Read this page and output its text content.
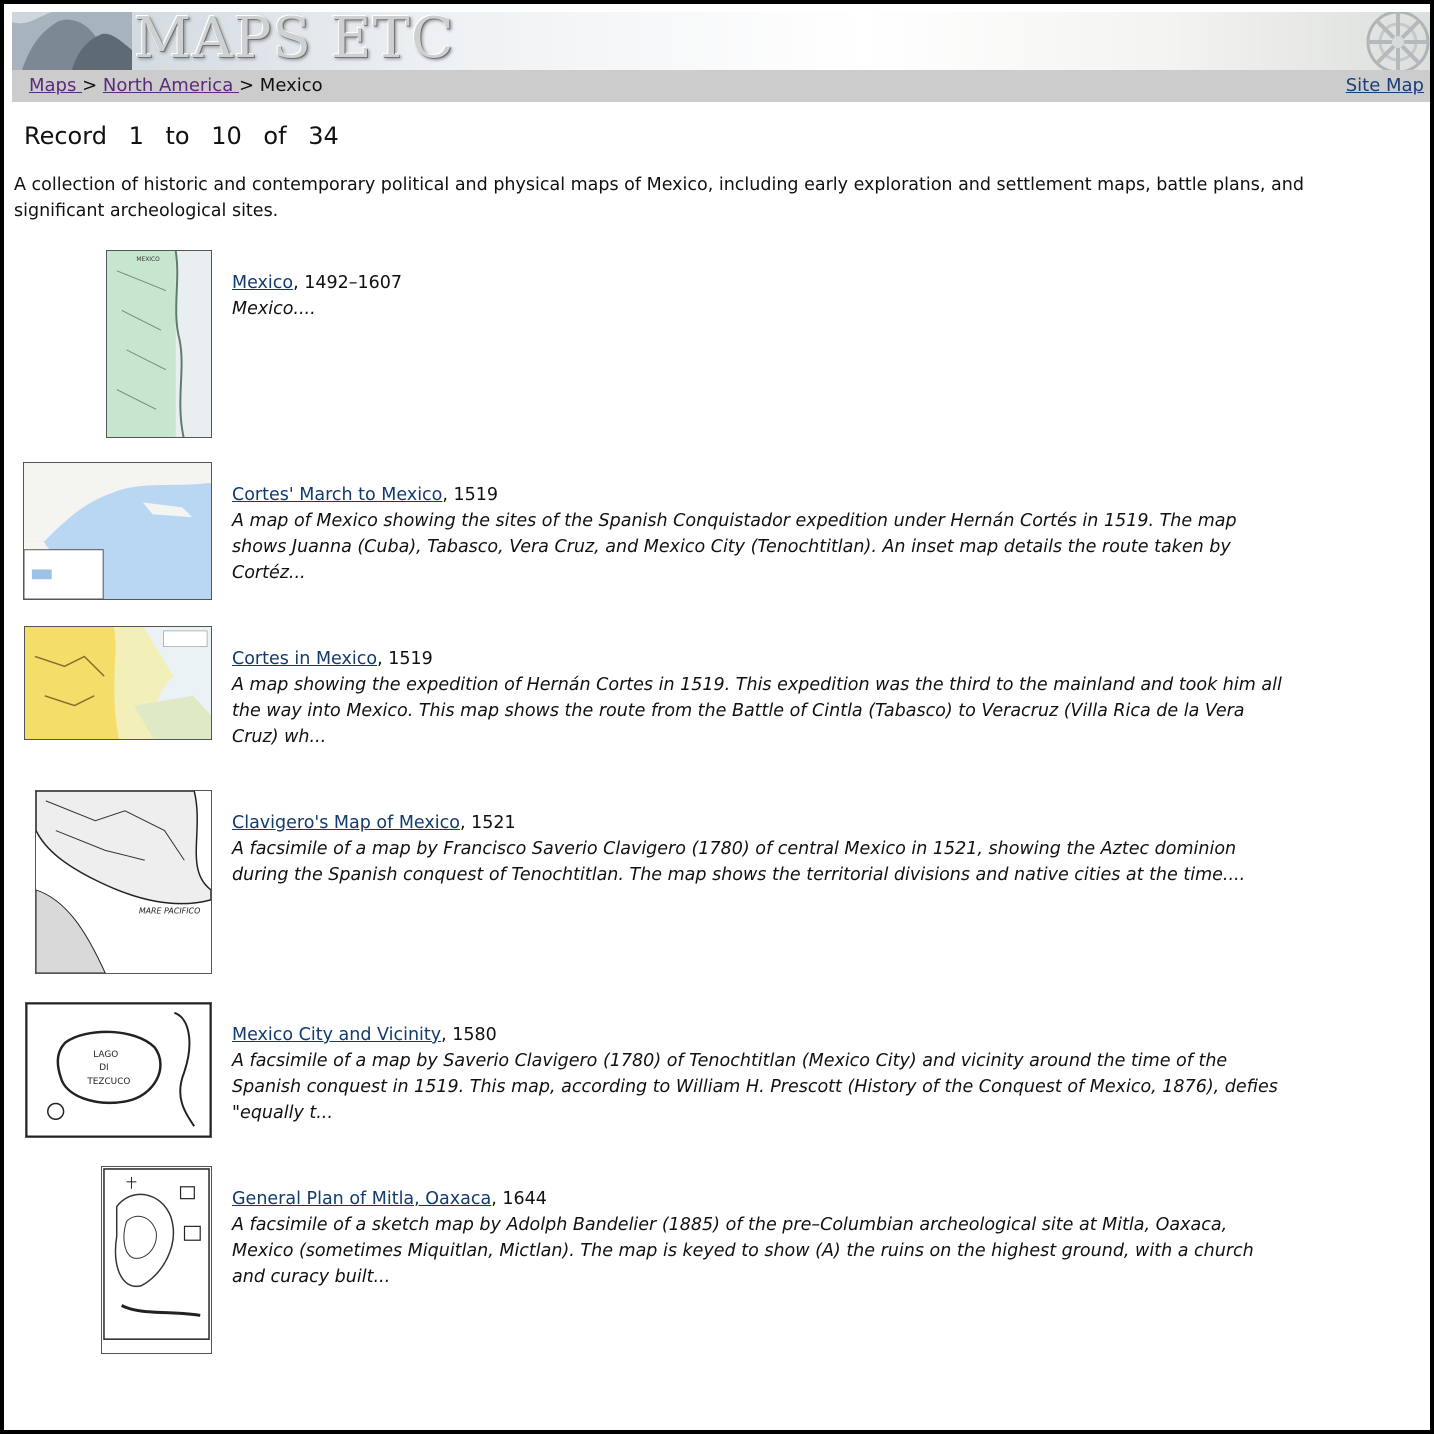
MAPS ETC
Maps > North America > Mexico	Site Map
Record 1 to 10 of 34
A collection of historic and contemporary political and physical maps of Mexico, including early exploration and settlement maps, battle plans, and significant archeological sites.
MEXICO
Mexico, 1492–1607
Mexico....
Cortes' March to Mexico, 1519
A map of Mexico showing the sites of the Spanish Conquistador expedition under Hernán Cortés in 1519. The map shows Juanna (Cuba), Tabasco, Vera Cruz, and Mexico City (Tenochtitlan). An inset map details the route taken by Cortéz...
Cortes in Mexico, 1519
A map showing the expedition of Hernán Cortes in 1519. This expedition was the third to the mainland and took him all the way into Mexico. This map shows the route from the Battle of Cintla (Tabasco) to Veracruz (Villa Rica de la Vera Cruz) wh...
MARE PACIFICO
Clavigero's Map of Mexico, 1521
A facsimile of a map by Francisco Saverio Clavigero (1780) of central Mexico in 1521, showing the Aztec dominion during the Spanish conquest of Tenochtitlan. The map shows the territorial divisions and native cities at the time....
LAGO
DI
TEZCUCO
Mexico City and Vicinity, 1580
A facsimile of a map by Saverio Clavigero (1780) of Tenochtitlan (Mexico City) and vicinity around the time of the Spanish conquest in 1519. This map, according to William H. Prescott (History of the Conquest of Mexico, 1876), defies "equally t...
General Plan of Mitla, Oaxaca, 1644
A facsimile of a sketch map by Adolph Bandelier (1885) of the pre–Columbian archeological site at Mitla, Oaxaca, Mexico (sometimes Miquitlan, Mictlan). The map is keyed to show (A) the ruins on the highest ground, with a church and curacy built...
